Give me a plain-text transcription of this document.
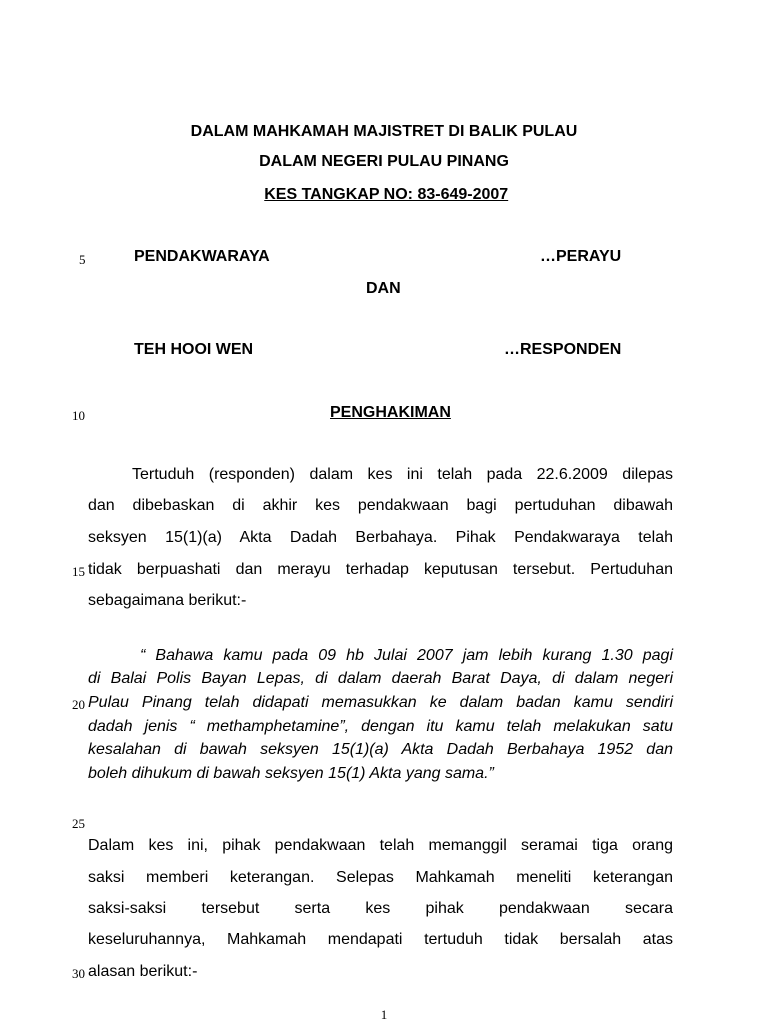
DALAM MAHKAMAH MAJISTRET DI BALIK PULAU
DALAM NEGERI PULAU PINANG
KES TANGKAP NO: 83-649-2007
5	PENDAKWARAYA	…PERAYU
DAN
TEH HOOI WEN	…RESPONDEN
10	PENGHAKIMAN
Tertuduh (responden) dalam kes ini telah pada 22.6.2009 dilepas
dan dibebaskan di akhir kes pendakwaan bagi pertuduhan dibawah
seksyen 15(1)(a) Akta Dadah Berbahaya. Pihak Pendakwaraya telah
15 tidak berpuashati dan merayu terhadap keputusan tersebut. Pertuduhan
sebagaimana berikut:-
“ Bahawa kamu pada 09 hb Julai 2007 jam lebih kurang 1.30 pagi
di Balai Polis Bayan Lepas, di dalam daerah Barat Daya, di dalam negeri
20 Pulau Pinang telah didapati memasukkan ke dalam badan kamu sendiri
dadah jenis “ methamphetamine”, dengan itu kamu telah melakukan satu
kesalahan di bawah seksyen 15(1)(a) Akta Dadah Berbahaya 1952 dan
boleh dihukum di bawah seksyen 15(1) Akta yang sama.”
25
Dalam kes ini, pihak pendakwaan telah memanggil seramai tiga orang
saksi memberi keterangan. Selepas Mahkamah meneliti keterangan
saksi-saksi tersebut serta kes pihak pendakwaan secara
keseluruhannya, Mahkamah mendapati tertuduh tidak bersalah atas
30 alasan berikut:-
1
